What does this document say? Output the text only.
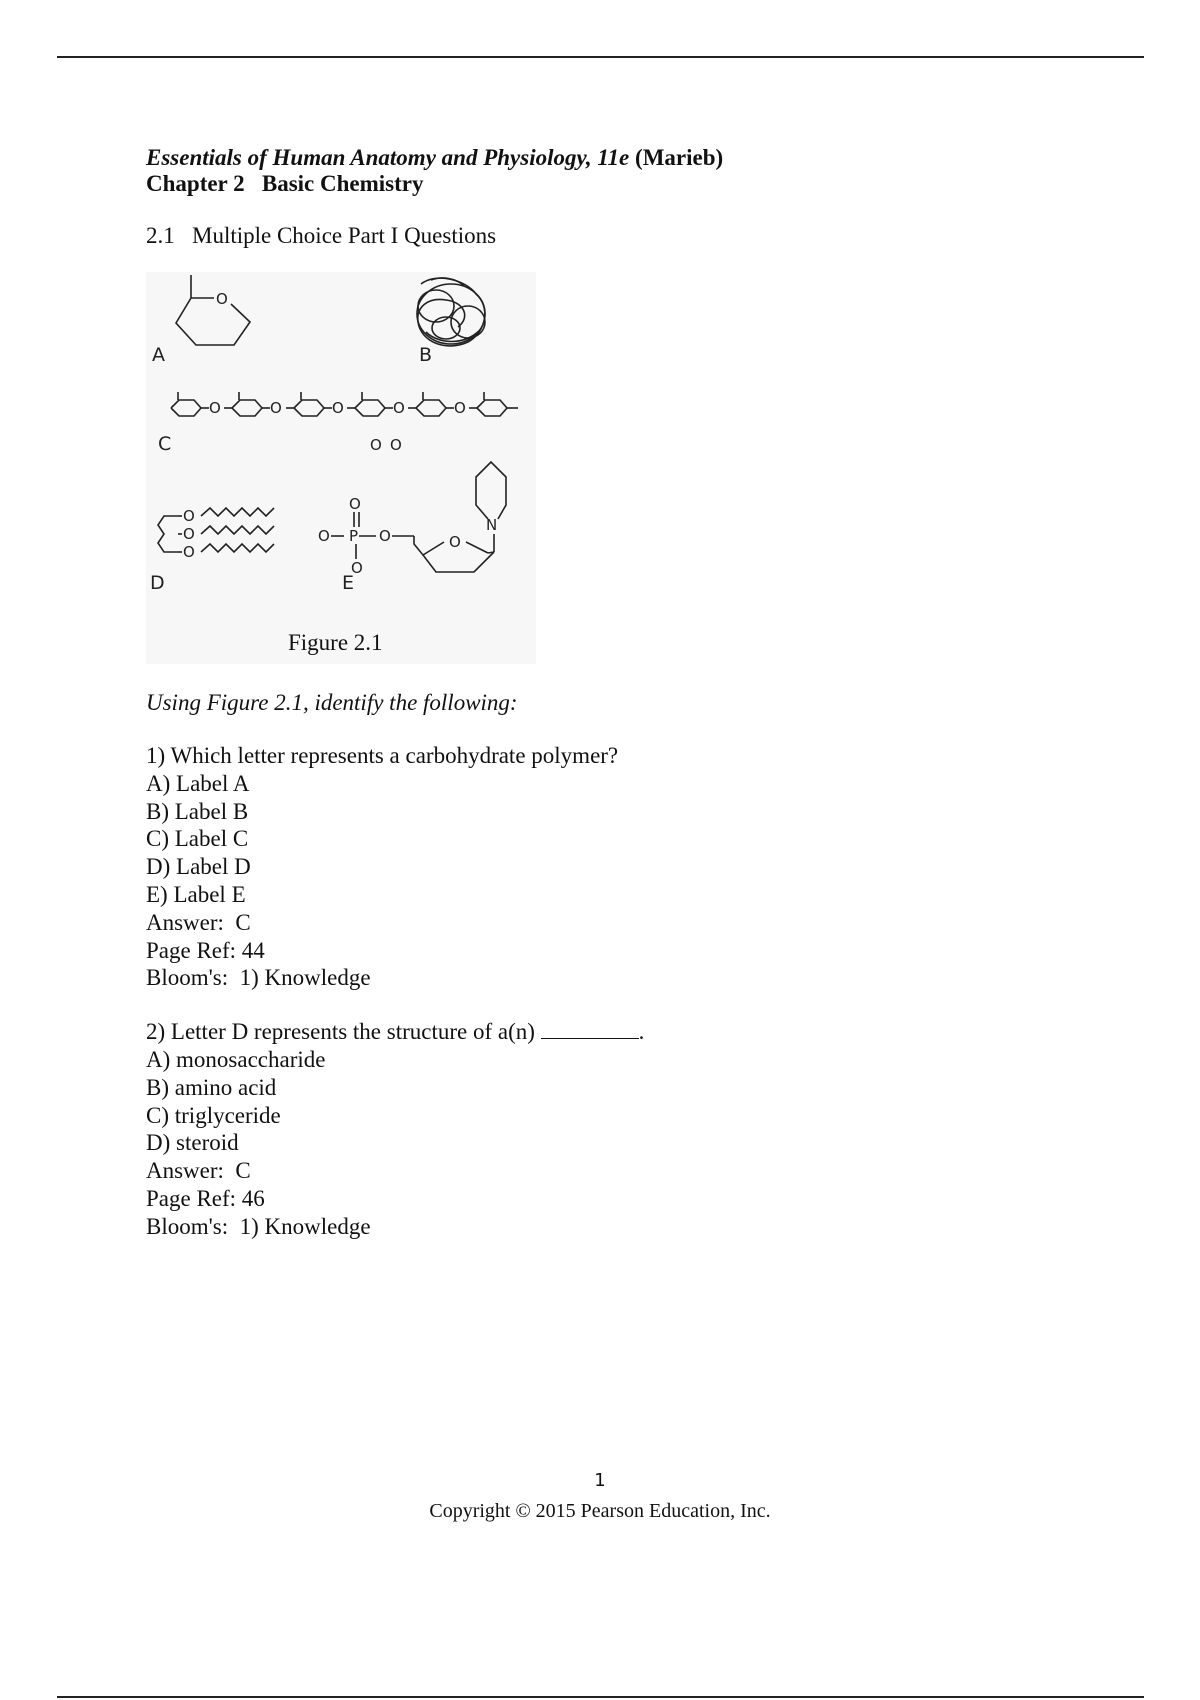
Essentials of Human Anatomy and Physiology, 11e (Marieb)
Chapter 2   Basic Chemistry
2.1   Multiple Choice Part I Questions
O
O	O	O	O	O
O O
O
O
O
O
O P O
O
O
N
A	B
C
D	E
Figure 2.1
Using Figure 2.1, identify the following:
1) Which letter represents a carbohydrate polymer?
A) Label A
B) Label B
C) Label C
D) Label D
E) Label E
Answer:  C
Page Ref: 44
Bloom's:  1) Knowledge
2) Letter D represents the structure of a(n)	.
A) monosaccharide
B) amino acid
C) triglyceride
D) steroid
Answer:  C
Page Ref: 46
Bloom's:  1) Knowledge
1
Copyright © 2015 Pearson Education, Inc.
